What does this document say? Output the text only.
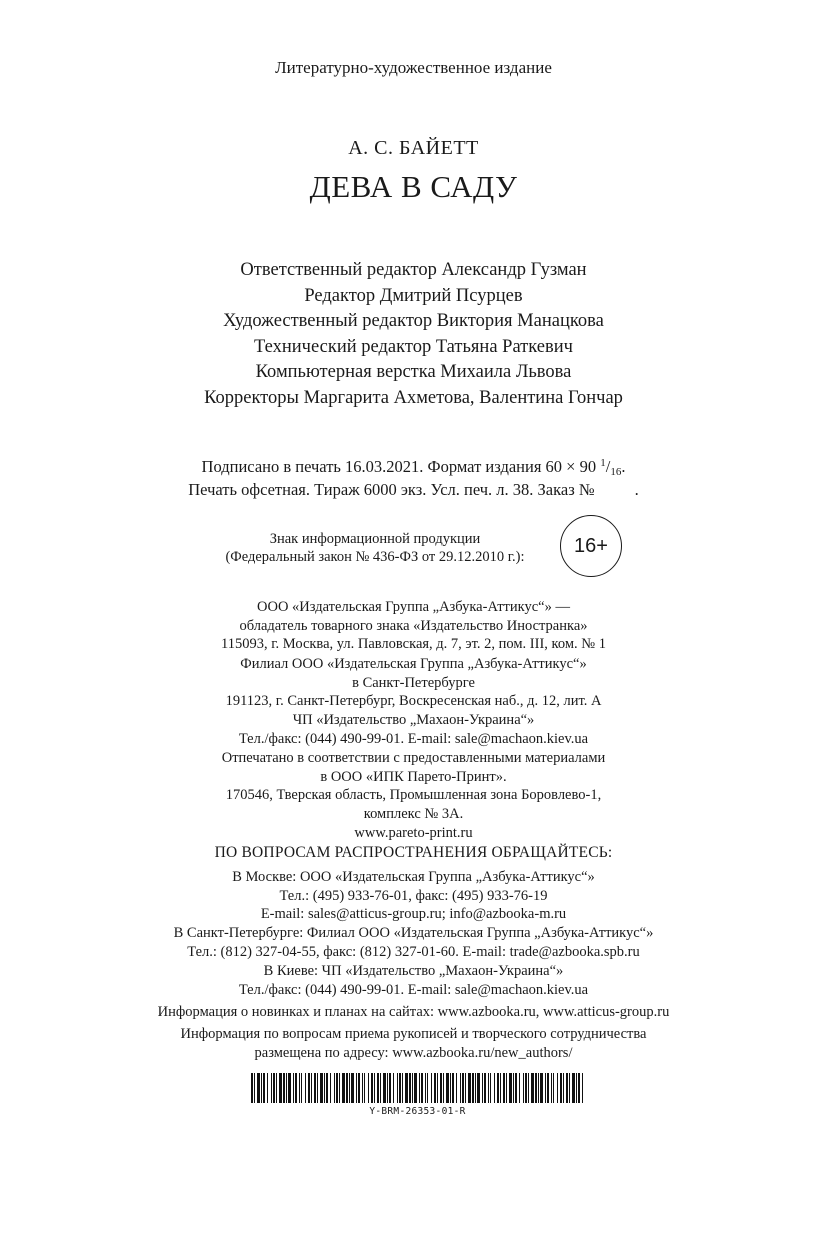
Литературно-художественное издание
А. С. БАЙЕТТ
ДЕВА В САДУ
Ответственный редактор Александр Гузман
Редактор Дмитрий Псурцев
Художественный редактор Виктория Манацкова
Технический редактор Татьяна Раткевич
Компьютерная верстка Михаила Львова
Корректоры Маргарита Ахметова, Валентина Гончар
Подписано в печать 16.03.2021. Формат издания 60 × 90 $^1$/16.
Печать офсетная. Тираж 6000 экз. Усл. печ. л. 38. Заказ № .
Знак информационной продукции
(Федеральный закон № 436-ФЗ от 29.12.2010 г.):
16+
ООО «Издательская Группа „Азбука-Аттикус“» —
обладатель товарного знака «Издательство Иностранка»
115093, г. Москва, ул. Павловская, д. 7, эт. 2, пом. III, ком. № 1
Филиал ООО «Издательская Группа „Азбука-Аттикус“»
в Санкт-Петербурге
191123, г. Санкт-Петербург, Воскресенская наб., д. 12, лит. А
ЧП «Издательство „Махаон-Украина“»
Тел./факс: (044) 490-99-01. E-mail: sale@machaon.kiev.ua
Отпечатано в соответствии с предоставленными материалами
в ООО «ИПК Парето-Принт».
170546, Тверская область, Промышленная зона Боровлево-1,
комплекс № 3А.
www.pareto-print.ru
ПО ВОПРОСАМ РАСПРОСТРАНЕНИЯ ОБРАЩАЙТЕСЬ:
В Москве: ООО «Издательская Группа „Азбука-Аттикус“»
Тел.: (495) 933-76-01, факс: (495) 933-76-19
E-mail: sales@atticus-group.ru; info@azbooka-m.ru
В Санкт-Петербурге: Филиал ООО «Издательская Группа „Азбука-Аттикус“»
Тел.: (812) 327-04-55, факс: (812) 327-01-60. E-mail: trade@azbooka.spb.ru
В Киеве: ЧП «Издательство „Махаон-Украина“»
Тел./факс: (044) 490-99-01. E-mail: sale@machaon.kiev.ua
Информация о новинках и планах на сайтах: www.azbooka.ru, www.atticus-group.ru
Информация по вопросам приема рукописей и творческого сотрудничества
размещена по адресу: www.azbooka.ru/new_authors/
Y-BRM-26353-01-R
